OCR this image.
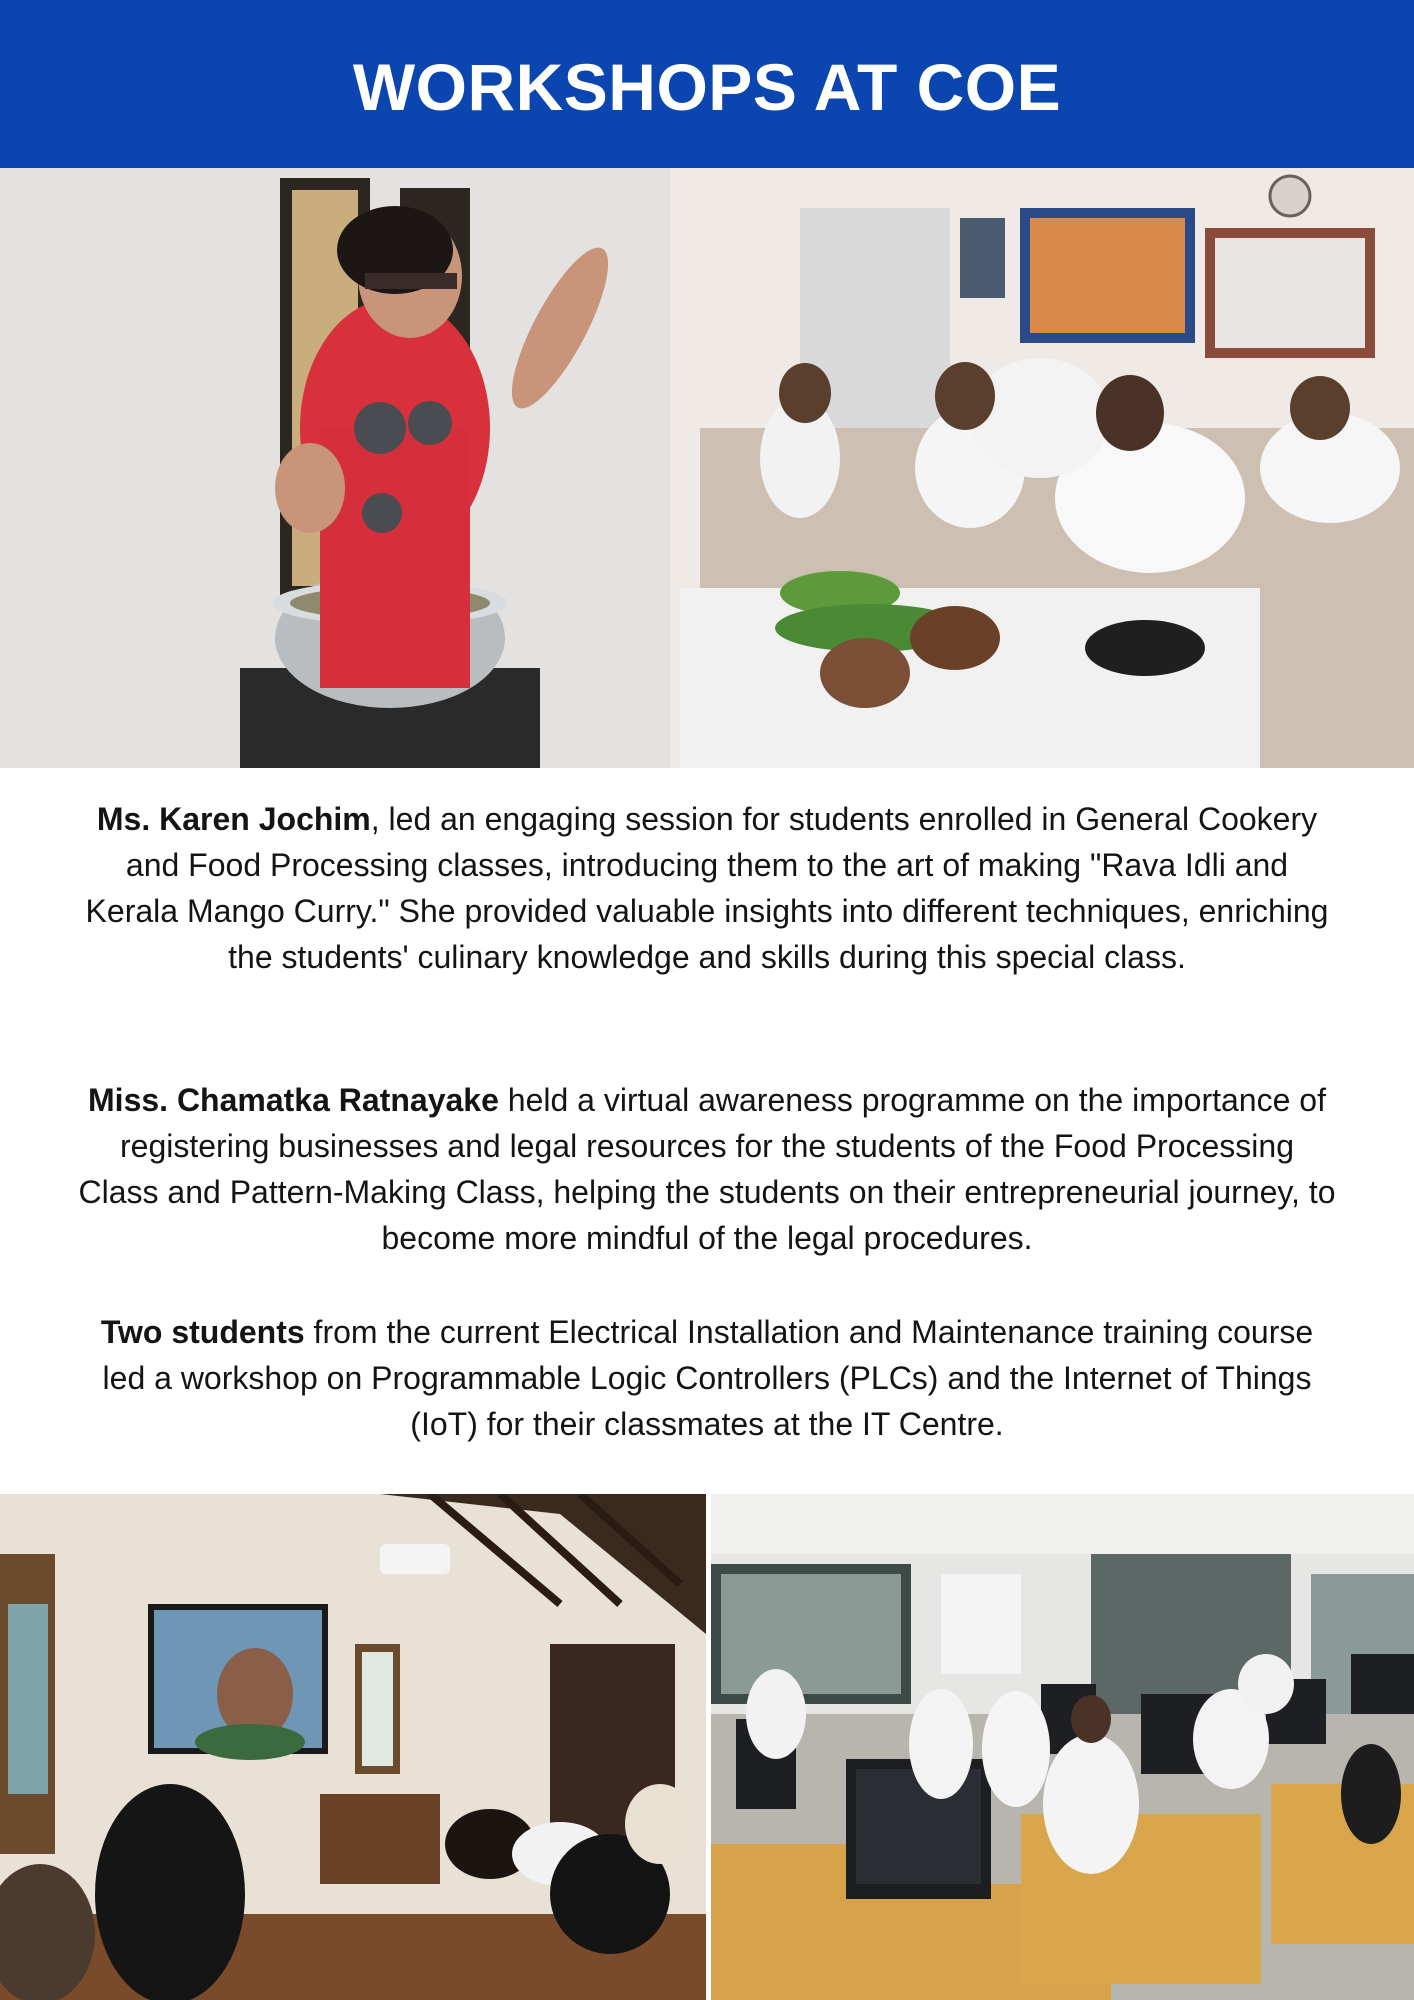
WORKSHOPS AT COE
Ms. Karen Jochim, led an engaging session for students enrolled in General Cookery and Food Processing classes, introducing them to the art of making "Rava Idli and Kerala Mango Curry." She provided valuable insights into different techniques, enriching the students' culinary knowledge and skills during this special class.
Miss. Chamatka Ratnayake held a virtual awareness programme on the importance of registering businesses and legal resources for the students of the Food Processing Class and Pattern-Making Class, helping the students on their entrepreneurial journey, to become more mindful of the legal procedures.
Two students from the current Electrical Installation and Maintenance training course led a workshop on Programmable Logic Controllers (PLCs) and the Internet of Things (IoT) for their classmates at the IT Centre.
